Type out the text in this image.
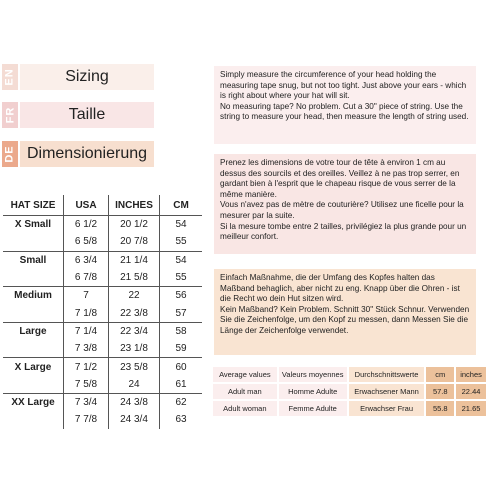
EN	Sizing
FR	Taille
DE Dimensionierung
HAT SIZE	USA	INCHES	CM
X Small	6 1/2	20 1/2	54
	6 5/8	20 7/8	55
Small	6 3/4	21 1/4	54
	6 7/8	21 5/8	55
Medium	7	22	56
	7 1/8	22 3/8	57
Large	7 1/4	22 3/4	58
	7 3/8	23 1/8	59
X Large	7 1/2	23 5/8	60
	7 5/8	24	61
XX Large	7 3/4	24 3/8	62
	7 7/8	24 3/4	63
Simply measure the circumference of your head holding the measuring tape snug, but not too tight. Just above your ears - which is right about where your hat will sit.
No measuring tape? No problem. Cut a 30" piece of string. Use the string to measure your head, then measure the length of string used.
Prenez les dimensions de votre tour de tête à environ 1 cm au dessus des sourcils et des oreilles. Veillez à ne pas trop serrer, en gardant bien à l'esprit que le chapeau risque de vous serrer de la même manière.
Vous n'avez pas de mètre de couturière? Utilisez une ficelle pour la mesurer par la suite.
Si la mesure tombe entre 2 tailles, privilégiez la plus grande pour un meilleur confort.
Einfach Maßnahme, die der Umfang des Kopfes halten das Maßband behaglich, aber nicht zu eng. Knapp über die Ohren - ist die Recht wo dein Hut sitzen wird.
Kein Maßband? Kein Problem. Schnitt 30" Stück Schnur. Verwenden Sie die Zeichenfolge, um den Kopf zu messen, dann Messen Sie die Länge der Zeichenfolge verwendet.
Average values	Valeurs moyennes	Durchschnittswerte	cm	inches
Adult man	Homme Adulte	Erwachsener Mann	57.8	22.44
Adult woman	Femme Adulte	Erwachser Frau	55.8	21.65
